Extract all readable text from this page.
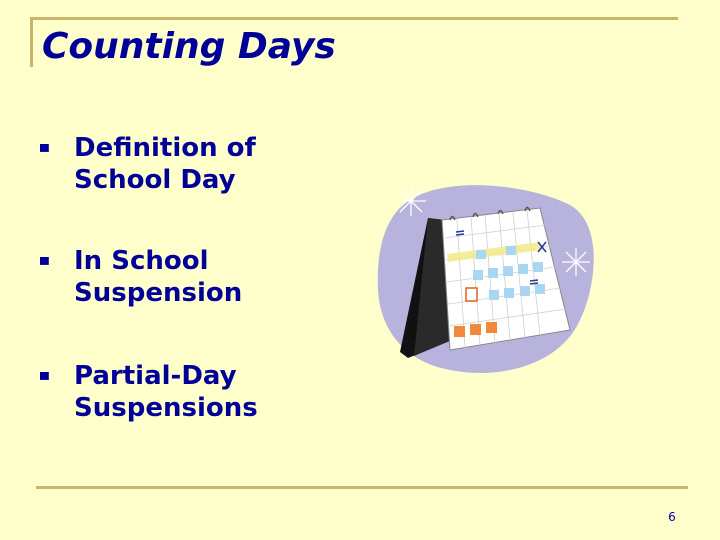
Counting Days
Definition of School Day
In School Suspension
Partial-Day Suspensions
6
